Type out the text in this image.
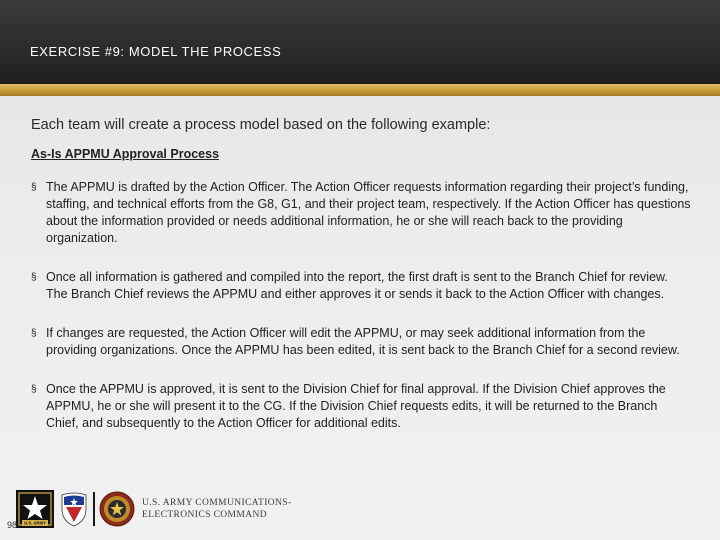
EXERCISE #9: MODEL THE PROCESS

Each team will create a process model based on the following example:

As-Is APPMU Approval Process
§ The APPMU is drafted by the Action Officer. The Action Officer requests information regarding their project’s funding, staffing, and technical efforts from the G8, G1, and their project team, respectively. If the Action Officer has questions about the information provided or needs additional information, he or she will reach back to the providing organization.
§ Once all information is gathered and compiled into the report, the first draft is sent to the Branch Chief for review. The Branch Chief reviews the APPMU and either approves it or sends it back to the Action Officer with changes.
§ If changes are requested, the Action Officer will edit the APPMU, or may seek additional information from the providing organizations. Once the APPMU has been edited, it is sent back to the Branch Chief for a second review.
§ Once the APPMU is approved, it is sent to the Division Chief for final approval. If the Division Chief approves the APPMU, he or she will present it to the CG. If the Division Chief requests edits, it will be returned to the Branch Chief, and subsequently to the Action Officer for additional edits.
U.S. ARMY
U.S. ARMY COMMUNICATIONS-
ELECTRONICS COMMAND
98
